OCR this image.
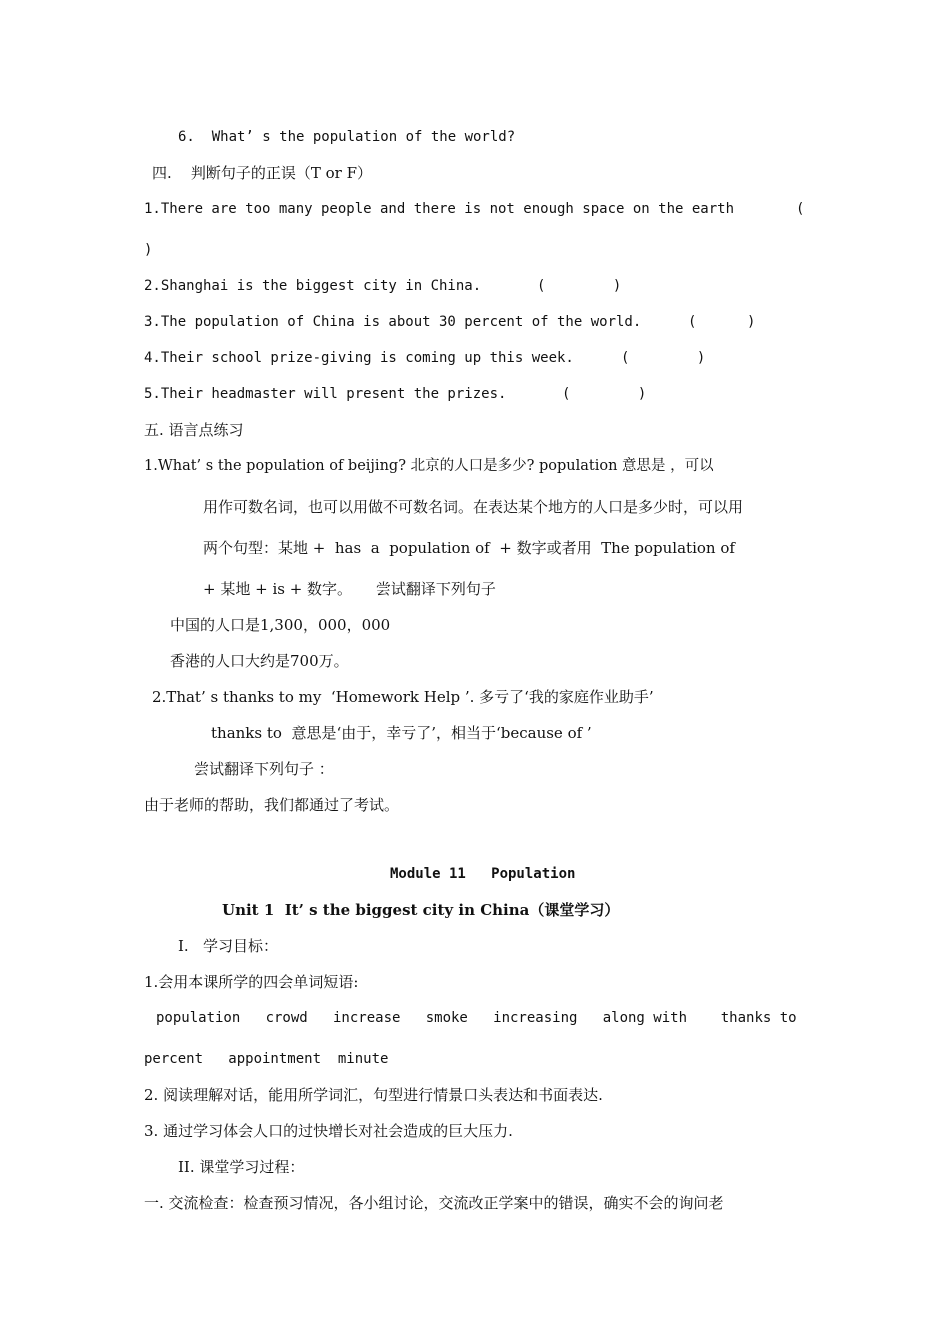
6.  What’ s the population of the world?
四.    判断句子的正误（T or F）
1.There are too many people and there is not enough space on the earth	(
)
2.Shanghai is the biggest city in China.	(        )
3.The population of China is about 30 percent of the world.	(      )
4.Their school prize-giving is coming up this week.	(        )
5.Their headmaster will present the prizes.	(        )
五. 语言点练习
1.What’ s the population of beijing? 北京的人口是多少? population 意思是 ，可以
用作可数名词，也可以用做不可数名词。在表达某个地方的人口是多少时，可以用
两个句型：某地 +  has  a  population of  + 数字或者用  The population of
+ 某地 + is + 数字。     尝试翻译下列句子
中国的人口是1,300，000，000
香港的人口大约是700万。
2.That’ s thanks to my  ‘Homework Help ’. 多亏了‘我的家庭作业助手’
thanks to  意思是‘由于，幸亏了’，相当于‘because of ’
尝试翻译下列句子 ：
由于老师的帮助，我们都通过了考试。
Module 11   Population
Unit 1  It’ s the biggest city in China（课堂学习）
Ⅰ.   学习目标：
1.会用本课所学的四会单词短语:
population   crowd   increase   smoke   increasing   along with    thanks to
percent   appointment  minute
2. 阅读理解对话，能用所学词汇，句型进行情景口头表达和书面表达.
3. 通过学习体会人口的过快增长对社会造成的巨大压力.
II. 课堂学习过程：
一. 交流检查：检查预习情况，各小组讨论，交流改正学案中的错误，确实不会的询问老
